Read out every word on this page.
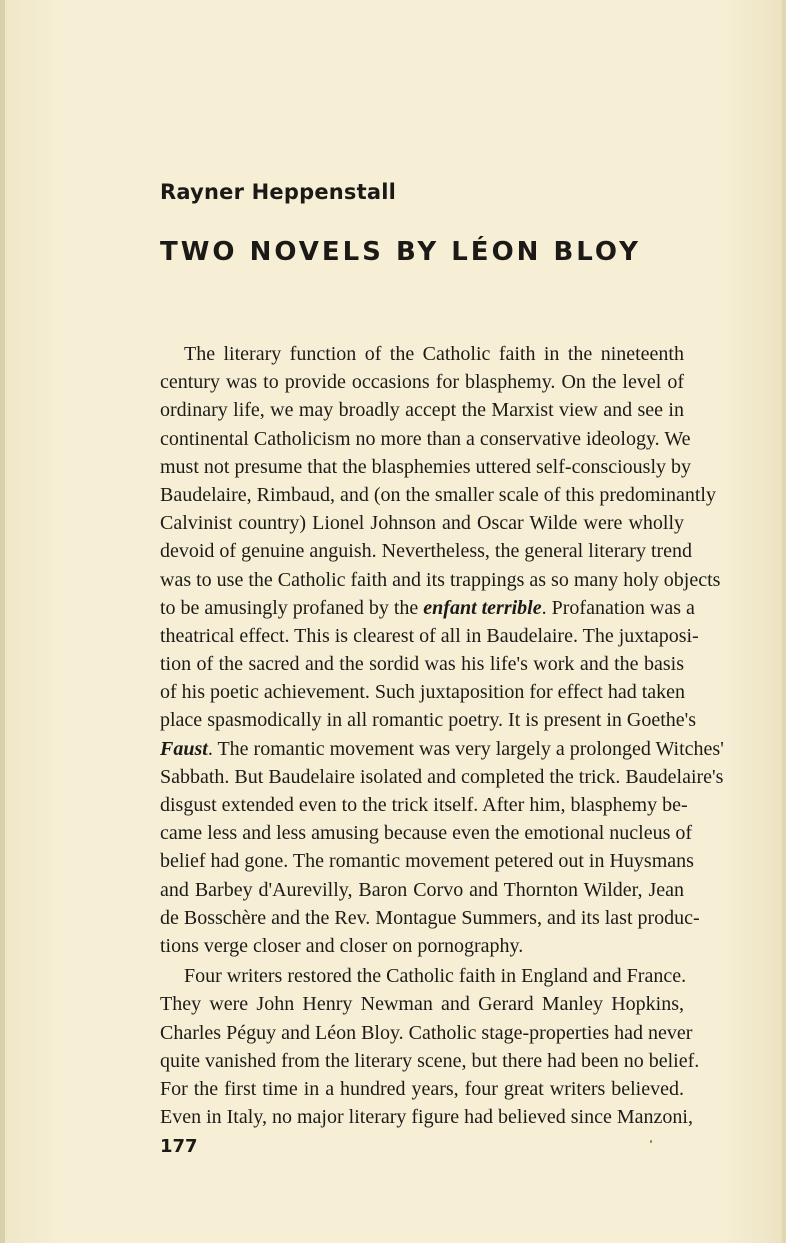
Rayner Heppenstall
TWO NOVELS BY LÉON BLOY

The literary function of the Catholic faith in the nineteenth
century was to provide occasions for blasphemy. On the level of
ordinary life, we may broadly accept the Marxist view and see in
continental Catholicism no more than a conservative ideology. We
must not presume that the blasphemies uttered self-consciously by
Baudelaire, Rimbaud, and (on the smaller scale of this predominantly
Calvinist country) Lionel Johnson and Oscar Wilde were wholly
devoid of genuine anguish. Nevertheless, the general literary trend
was to use the Catholic faith and its trappings as so many holy objects
to be amusingly profaned by the enfant terrible. Profanation was a
theatrical effect. This is clearest of all in Baudelaire. The juxtaposi-
tion of the sacred and the sordid was his life's work and the basis
of his poetic achievement. Such juxtaposition for effect had taken
place spasmodically in all romantic poetry. It is present in Goethe's
Faust. The romantic movement was very largely a prolonged Witches'
Sabbath. But Baudelaire isolated and completed the trick. Baudelaire's
disgust extended even to the trick itself. After him, blasphemy be-
came less and less amusing because even the emotional nucleus of
belief had gone. The romantic movement petered out in Huysmans
and Barbey d'Aurevilly, Baron Corvo and Thornton Wilder, Jean
de Bosschère and the Rev. Montague Summers, and its last produc-
tions verge closer and closer on pornography.

Four writers restored the Catholic faith in England and France.
They were John Henry Newman and Gerard Manley Hopkins,
Charles Péguy and Léon Bloy. Catholic stage-properties had never
quite vanished from the literary scene, but there had been no belief.
For the first time in a hundred years, four great writers believed.
Even in Italy, no major literary figure had believed since Manzoni,

177
